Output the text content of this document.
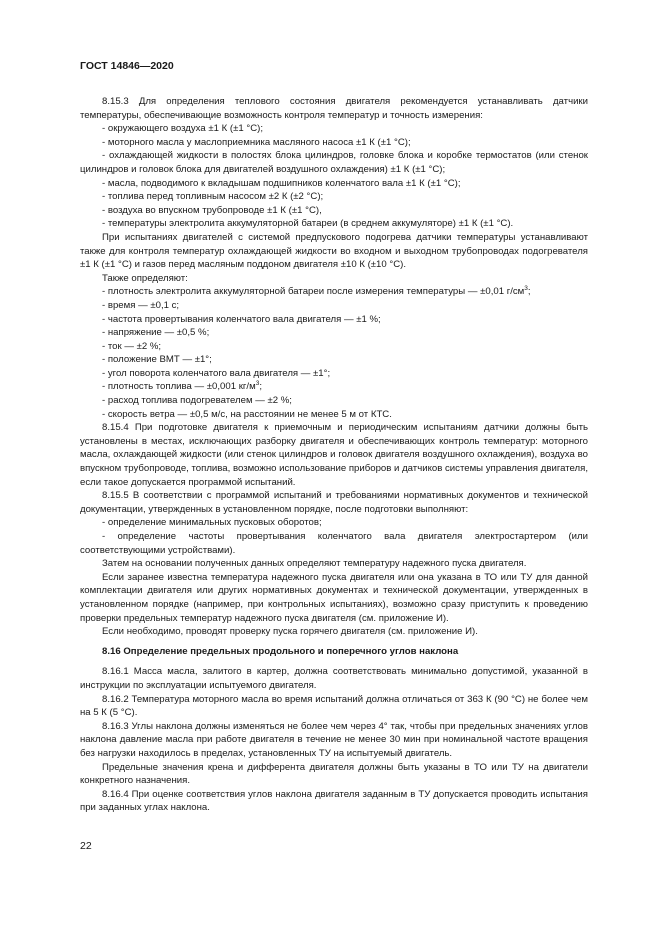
ГОСТ 14846—2020

8.15.3 Для определения теплового состояния двигателя рекомендуется устанавливать датчики температуры, обеспечивающие возможность контроля температур и точность измерения:

- окружающего воздуха ±1 К (±1 °С);

- моторного масла у маслоприемника масляного насоса ±1 К (±1 °С);

- охлаждающей жидкости в полостях блока цилиндров, головке блока и коробке термостатов (или стенок цилиндров и головок блока для двигателей воздушного охлаждения) ±1 К (±1 °С);

- масла, подводимого к вкладышам подшипников коленчатого вала ±1 К (±1 °С);

- топлива перед топливным насосом ±2 К (±2 °С);

- воздуха во впускном трубопроводе ±1 К (±1 °С),

- температуры электролита аккумуляторной батареи (в среднем аккумуляторе) ±1 К (±1 °С).

При испытаниях двигателей с системой предпускового подогрева датчики температуры устанавливают также для контроля температур охлаждающей жидкости во входном и выходном трубопроводах подогревателя ±1 К (±1 °С) и газов перед масляным поддоном двигателя ±10 К (±10 °С).

Также определяют:

- плотность электролита аккумуляторной батареи после измерения температуры — ±0,01 $г/см^3$;

- время — ±0,1 с;

- частота провертывания коленчатого вала двигателя — ±1 %;

- напряжение — ±0,5 %;

- ток — ±2 %;

- положение ВМТ — ±1°;

- угол поворота коленчатого вала двигателя — ±1°;

- плотность топлива — ±0,001 $кг/м^3$;

- расход топлива подогревателем — ±2 %;

- скорость ветра — ±0,5 м/с, на расстоянии не менее 5 м от КТС.

8.15.4 При подготовке двигателя к приемочным и периодическим испытаниям датчики должны быть установлены в местах, исключающих разборку двигателя и обеспечивающих контроль температур: моторного масла, охлаждающей жидкости (или стенок цилиндров и головок двигателя воздушного охлаждения), воздуха во впускном трубопроводе, топлива, возможно использование приборов и датчиков системы управления двигателя, если такое допускается программой испытаний.

8.15.5 В соответствии с программой испытаний и требованиями нормативных документов и технической документации, утвержденных в установленном порядке, после подготовки выполняют:

- определение минимальных пусковых оборотов;

- определение частоты провертывания коленчатого вала двигателя электростартером (или соответствующими устройствами).

Затем на основании полученных данных определяют температуру надежного пуска двигателя.

Если заранее известна температура надежного пуска двигателя или она указана в ТО или ТУ для данной комплектации двигателя или других нормативных документах и технической документации, утвержденных в установленном порядке (например, при контрольных испытаниях), возможно сразу приступить к проведению проверки предельных температур надежного пуска двигателя (см. приложение И).

Если необходимо, проводят проверку пуска горячего двигателя (см. приложение И).

8.16 Определение предельных продольного и поперечного углов наклона

8.16.1 Масса масла, залитого в картер, должна соответствовать минимально допустимой, указанной в инструкции по эксплуатации испытуемого двигателя.

8.16.2 Температура моторного масла во время испытаний должна отличаться от 363 К (90 °С) не более чем на 5 К (5 °С).

8.16.3 Углы наклона должны изменяться не более чем через 4° так, чтобы при предельных значениях углов наклона давление масла при работе двигателя в течение не менее 30 мин при номинальной частоте вращения без нагрузки находилось в пределах, установленных ТУ на испытуемый двигатель.

Предельные значения крена и дифферента двигателя должны быть указаны в ТО или ТУ на двигатели конкретного назначения.

8.16.4 При оценке соответствия углов наклона двигателя заданным в ТУ допускается проводить испытания при заданных углах наклона.

22
